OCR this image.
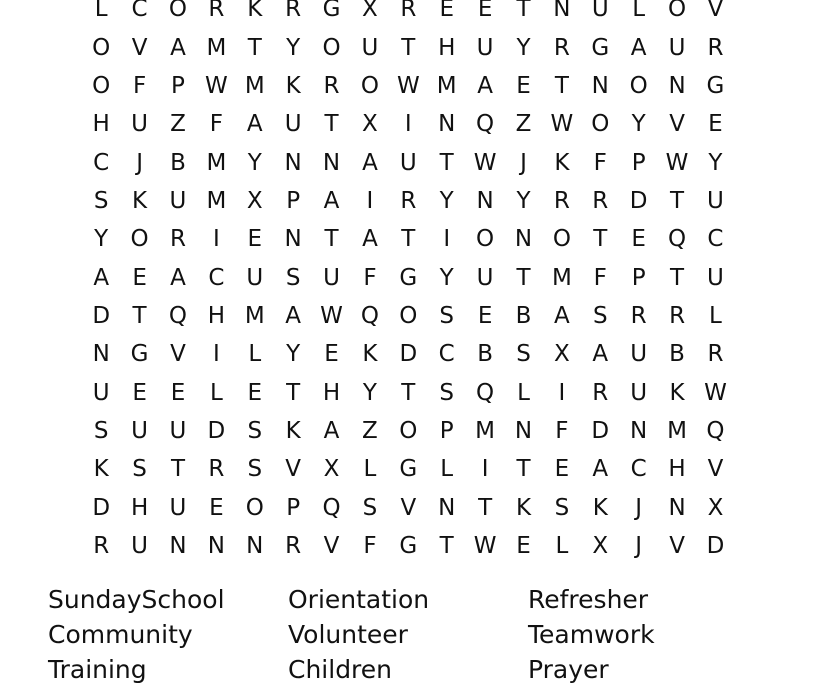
L	C O R K R G X R	E	E	T N U	L O V
O V A M T	Y O U T H U Y	R G A U R
O F	P W M K R O W M A	E	T N O N G
H U Z	F	A U T	X	I	N Q Z W O Y	V	E
C	J	B M Y N N A U T W	J	K	F	P W Y
S	K U M X	P	A	I	R	Y N Y	R R D T U
Y O R	I	E N T	A	T	I	O N O T	E Q C
A	E	A C U S U	F G Y U T M F	P	T U
D T Q H M A W Q O S	E	B A	S	R R	L
N G V	I	L	Y	E	K D C B	S	X A U B R
U E	E	L	E	T H Y	T	S Q L	I	R U K W
S U U D S	K A Z O P M N	F D N M Q
K	S	T	R	S	V X	L	G	L	I	T	E	A C H V
D H U E O P Q S	V N T	K	S	K	J	N X
R U N N N R V	F G T W E	L	X	J	V D
SundaySchool	Orientation	Refresher
Community	Volunteer	Teamwork
Training	Children	Prayer
